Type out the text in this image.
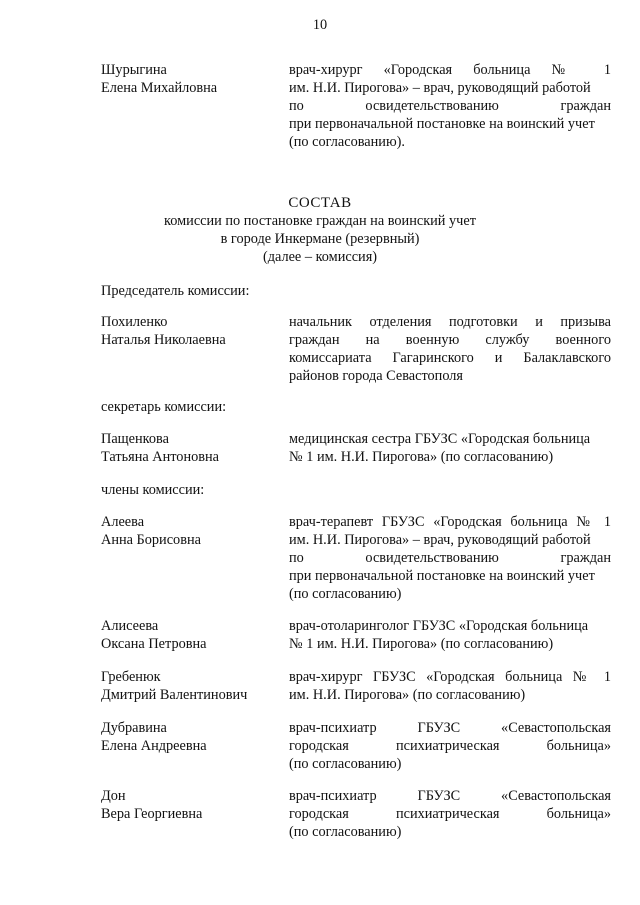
10
Шурыгина
Елена Михайловна
врач-хирург «Городская больница № 1
им. Н.И. Пирогова» – врач, руководящий работой
по освидетельствованию граждан
при первоначальной постановке на воинский учет
(по согласованию).
СОСТАВ
комиссии по постановке граждан на воинский учет
в городе Инкермане (резервный)
(далее – комиссия)
Председатель комиссии:
Похиленко
Наталья Николаевна
начальник отделения подготовки и призыва
граждан на военную службу военного
комиссариата Гагаринского и Балаклавского
районов города Севастополя
секретарь комиссии:
Пащенкова
Татьяна Антоновна
медицинская сестра ГБУЗС «Городская больница
№ 1 им. Н.И. Пирогова» (по согласованию)
члены комиссии:
Алеева
Анна Борисовна
врач-терапевт ГБУЗС «Городская больница № 1
им. Н.И. Пирогова» – врач, руководящий работой
по освидетельствованию граждан
при первоначальной постановке на воинский учет
(по согласованию)
Алисеева
Оксана Петровна
врач-отоларинголог ГБУЗС «Городская больница
№ 1 им. Н.И. Пирогова» (по согласованию)
Гребенюк
Дмитрий Валентинович
врач-хирург ГБУЗС «Городская больница № 1
им. Н.И. Пирогова» (по согласованию)
Дубравина
Елена Андреевна
врач-психиатр ГБУЗС «Севастопольская
городская психиатрическая больница»
(по согласованию)
Дон
Вера Георгиевна
врач-психиатр ГБУЗС «Севастопольская
городская психиатрическая больница»
(по согласованию)
